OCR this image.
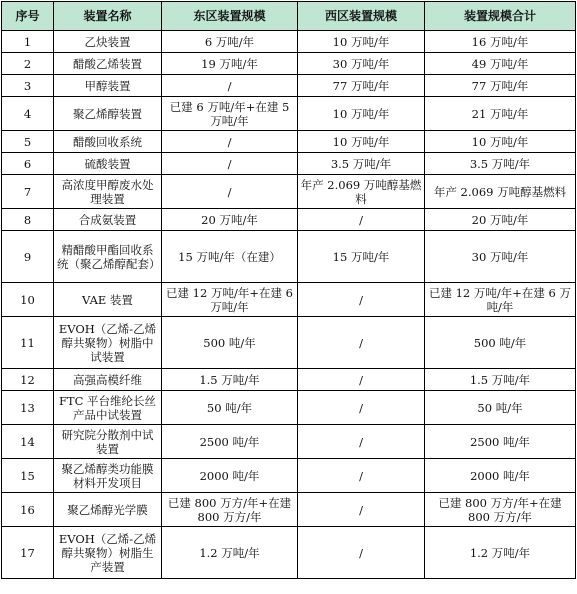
序号	装置名称	东区装置规模	西区装置规模	装置规模合计
1	乙炔装置	6 万吨/年	10 万吨/年	16 万吨/年
2	醋酸乙烯装置	19 万吨/年	30 万吨/年	49 万吨/年
3	甲醇装置	/	77 万吨/年	77 万吨/年
4	聚乙烯醇装置	已建 6 万吨/年+在建 5 万吨/年	10 万吨/年	21 万吨/年
5	醋酸回收系统	/	10 万吨/年	10 万吨/年
6	硫酸装置	/	3.5 万吨/年	3.5 万吨/年
7	高浓度甲醇废水处理装置	/	年产 2.069 万吨醇基燃料	年产 2.069 万吨醇基燃料
8	合成氨装置	20 万吨/年	/	20 万吨/年
9	精醋酸甲酯回收系统（聚乙烯醇配套）	15 万吨/年（在建）	15 万吨/年	30 万吨/年
10	VAE 装置	已建 12 万吨/年+在建 6 万吨/年	/	已建 12 万吨/年+在建 6 万吨/年
11	EVOH（乙烯-乙烯醇共聚物）树脂中试装置	500 吨/年	/	500 吨/年
12	高强高模纤维	1.5 万吨/年	/	1.5 万吨/年
13	FTC 平台维纶长丝产品中试装置	50 吨/年	/	50 吨/年
14	研究院分散剂中试装置	2500 吨/年	/	2500 吨/年
15	聚乙烯醇类功能膜材料开发项目	2000 吨/年	/	2000 吨/年
16	聚乙烯醇光学膜	已建 800 万方/年+在建 800 万方/年	/	已建 800 万方/年+在建 800 万方/年
17	EVOH（乙烯-乙烯醇共聚物）树脂生产装置	1.2 万吨/年	/	1.2 万吨/年
